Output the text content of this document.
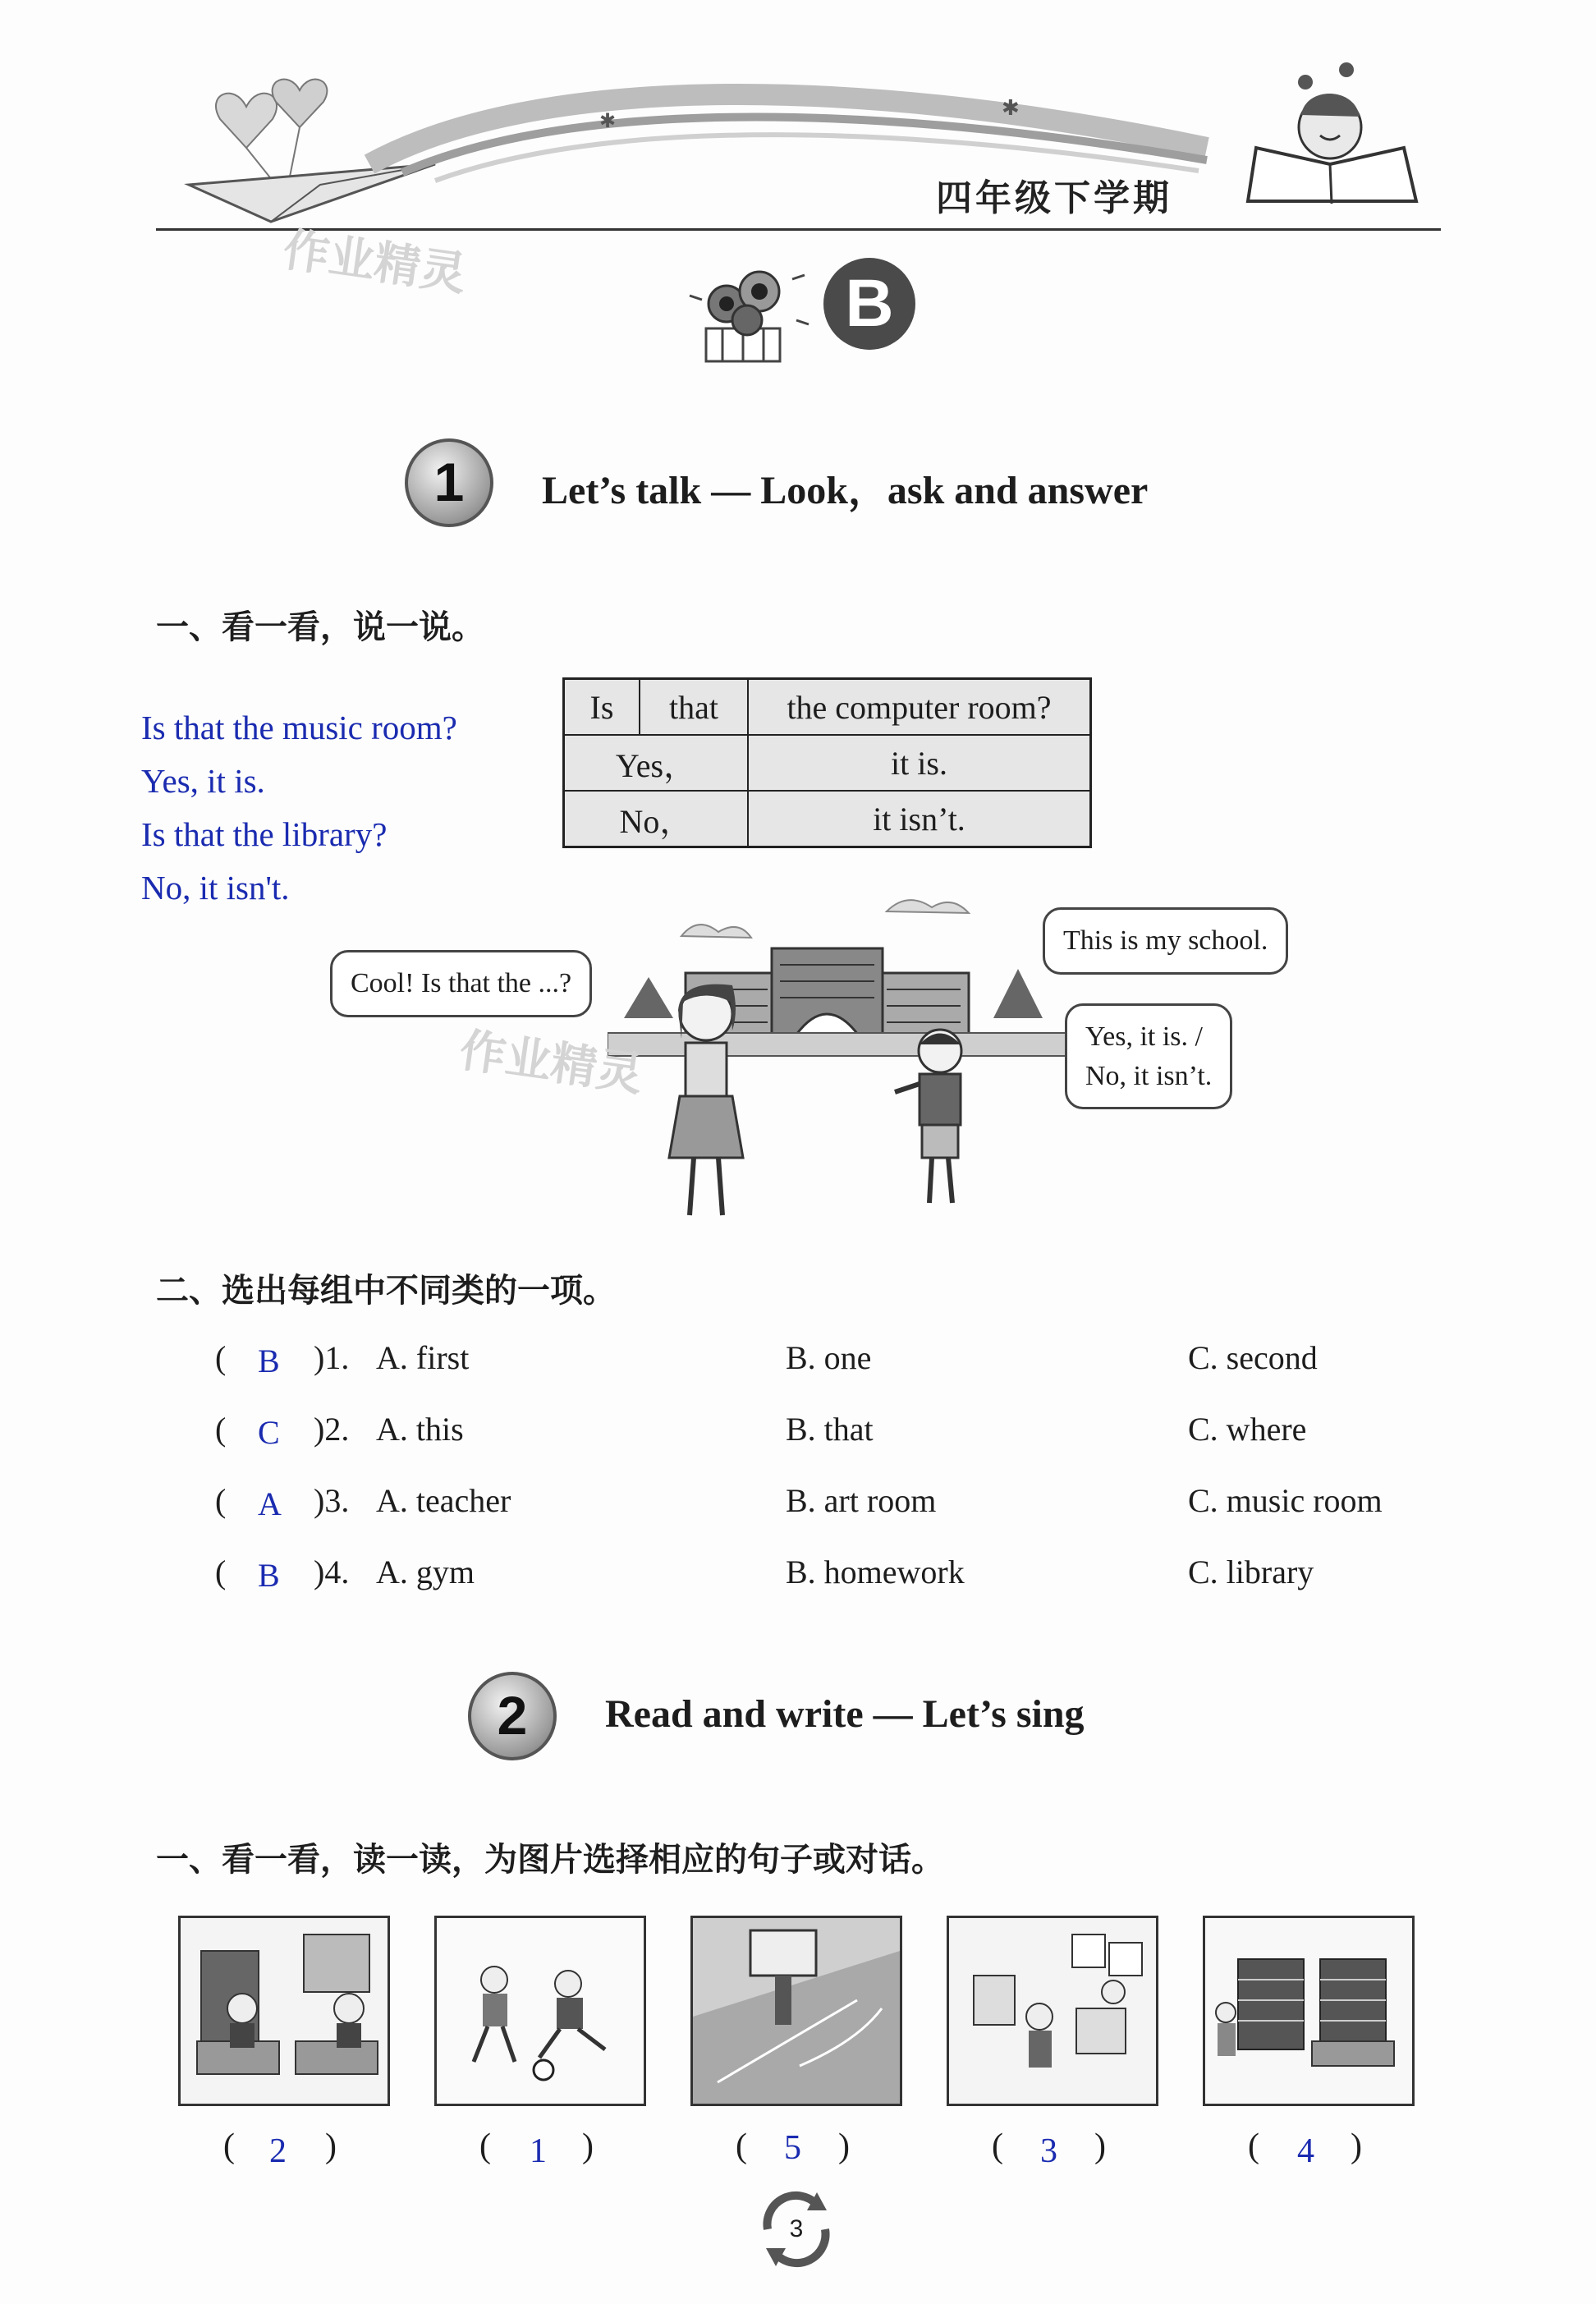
✱
✱
四年级下学期
作业精灵
B
1	Let’s talk — Look，ask and answer
一、看一看，说一说。
Is that the music room?
Yes, it is.
Is that the library?
No, it isn't.
Is	that	the computer room?
Yes，		it is.
No，		it isn’t.
作业精灵
Cool! Is that the ...?
This is my school.
Yes, it is. /
No, it isn’t.
二、选出每组中不同类的一项。
( B )1. A. first	B. one	C. second
( C )2. A. this	B. that	C. where
( A )3. A. teacher	B. art room	C. music room
( B )4. A. gym	B. homework	C. library
2	Read and write — Let’s sing
一、看一看，读一读，为图片选择相应的句子或对话。
( 2 )	( 1 )	( 5 )	( 3 )	( 4 )
3
